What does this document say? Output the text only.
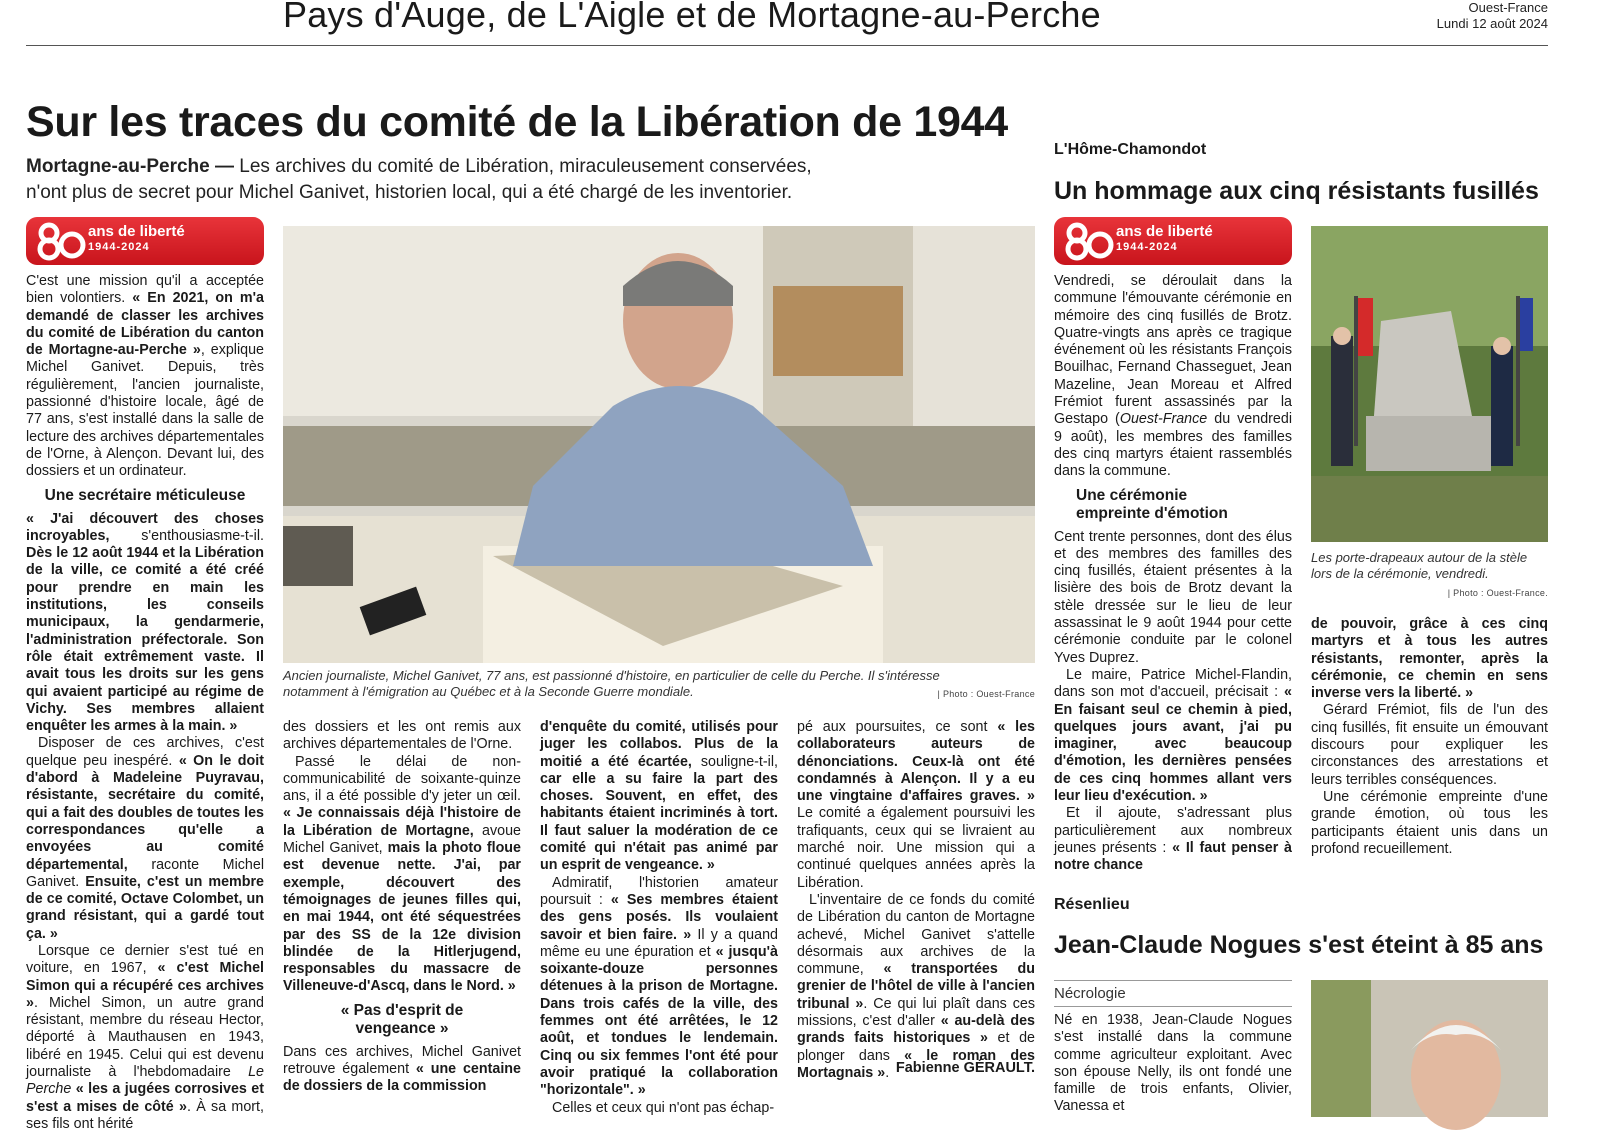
Pays d'Auge, de L'Aigle et de Mortagne-au-Perche	Ouest-France
Lundi 12 août 2024
Sur les traces du comité de la Libération de 1944
Mortagne-au-Perche — Les archives du comité de Libération, miraculeusement conservées, n'ont plus de secret pour Michel Ganivet, historien local, qui a été chargé de les inventorier.
ans de liberté
1944-2024

C'est une mission qu'il a acceptée bien volontiers. « En 2021, on m'a demandé de classer les archives du comité de Libération du canton de Mortagne-au-Perche », explique Michel Ganivet. Depuis, très régulièrement, l'ancien journaliste, passionné d'histoire locale, âgé de 77 ans, s'est installé dans la salle de lecture des archives départementales de l'Orne, à Alençon. Devant lui, des dossiers et un ordinateur.

Une secrétaire méticuleuse

« J'ai découvert des choses incroyables, s'enthousiasme-t-il. Dès le 12 août 1944 et la Libération de la ville, ce comité a été créé pour prendre en main les institutions, les conseils municipaux, la gendarmerie, l'administration préfectorale. Son rôle était extrêmement vaste. Il avait tous les droits sur les gens qui avaient participé au régime de Vichy. Ses membres allaient enquêter les armes à la main. »

Disposer de ces archives, c'est quelque peu inespéré. « On le doit d'abord à Madeleine Puyravau, résistante, secrétaire du comité, qui a fait des doubles de toutes les correspondances qu'elle a envoyées au comité départemental, raconte Michel Ganivet. Ensuite, c'est un membre de ce comité, Octave Colombet, un grand résistant, qui a gardé tout ça. »

Lorsque ce dernier s'est tué en voiture, en 1967, « c'est Michel Simon qui a récupéré ces archives ». Michel Simon, un autre grand résistant, membre du réseau Hector, déporté à Mauthausen en 1943, libéré en 1945. Celui qui est devenu journaliste à l'hebdomadaire Le Perche « les a jugées corrosives et s'est a mises de côté ». À sa mort, ses fils ont hérité

Ancien journaliste, Michel Ganivet, 77 ans, est passionné d'histoire, en particulier de celle du Perche. Il s'intéresse notamment à l'émigration au Québec et à la Seconde Guerre mondiale.	| Photo : Ouest-France

des dossiers et les ont remis aux archives départementales de l'Orne.

Passé le délai de non-communicabilité de soixante-quinze ans, il a été possible d'y jeter un œil. « Je connaissais déjà l'histoire de la Libération de Mortagne, avoue Michel Ganivet, mais la photo floue est devenue nette. J'ai, par exemple, découvert des témoignages de jeunes filles qui, en mai 1944, ont été séquestrées par des SS de la 12e division blindée de la Hitlerjugend, responsables du massacre de Villeneuve-d'Ascq, dans le Nord. »

« Pas d'esprit de vengeance »

Dans ces archives, Michel Ganivet retrouve également « une centaine de dossiers de la commission

d'enquête du comité, utilisés pour juger les collabos. Plus de la moitié a été écartée, souligne-t-il, car elle a su faire la part des choses. Souvent, en effet, des habitants étaient incriminés à tort. Il faut saluer la modération de ce comité qui n'était pas animé par un esprit de vengeance. »

Admiratif, l'historien amateur poursuit : « Ses membres étaient des gens posés. Ils voulaient savoir et bien faire. » Il y a quand même eu une épuration et « jusqu'à soixante-douze personnes détenues à la prison de Mortagne. Dans trois cafés de la ville, des femmes ont été arrêtées, le 12 août, et tondues le lendemain. Cinq ou six femmes l'ont été pour avoir pratiqué la collaboration "horizontale". »

Celles et ceux qui n'ont pas échap-

pé aux poursuites, ce sont « les collaborateurs auteurs de dénonciations. Ceux-là ont été condamnés à Alençon. Il y a eu une vingtaine d'affaires graves. » Le comité a également poursuivi les trafiquants, ceux qui se livraient au marché noir. Une mission qui a continué quelques années après la Libération.

L'inventaire de ce fonds du comité de Libération du canton de Mortagne achevé, Michel Ganivet s'attelle désormais aux archives de la commune, « transportées du grenier de l'hôtel de ville à l'ancien tribunal ». Ce qui lui plaît dans ces missions, c'est d'aller « au-delà des grands faits historiques » et de plonger dans « le roman des Mortagnais ». Fabienne GÉRAULT.
L'Hôme-Chamondot
Un hommage aux cinq résistants fusillés
ans de liberté
1944-2024

Vendredi, se déroulait dans la commune l'émouvante cérémonie en mémoire des cinq fusillés de Brotz. Quatre-vingts ans après ce tragique événement où les résistants François Bouilhac, Fernand Chasseguet, Jean Mazeline, Jean Moreau et Alfred Frémiot furent assassinés par la Gestapo (Ouest-France du vendredi 9 août), les membres des familles des cinq martyrs étaient rassemblés dans la commune.

Une cérémonie empreinte d'émotion

Cent trente personnes, dont des élus et des membres des familles des cinq fusillés, étaient présentes à la lisière des bois de Brotz devant la stèle dressée sur le lieu de leur assassinat le 9 août 1944 pour cette cérémonie conduite par le colonel Yves Duprez.

Le maire, Patrice Michel-Flandin, dans son mot d'accueil, précisait : « En faisant seul ce chemin à pied, quelques jours avant, j'ai pu imaginer, avec beaucoup d'émotion, les dernières pensées de ces cinq hommes allant vers leur lieu d'exécution. »

Et il ajoute, s'adressant plus particulièrement aux nombreux jeunes présents : « Il faut penser à notre chance

Les porte-drapeaux autour de la stèle lors de la cérémonie, vendredi.
| Photo : Ouest-France.

de pouvoir, grâce à ces cinq martyrs et à tous les autres résistants, remonter, après la cérémonie, ce chemin en sens inverse vers la liberté. »

Gérard Frémiot, fils de l'un des cinq fusillés, fit ensuite un émouvant discours pour expliquer les circonstances des arrestations et leurs terribles conséquences.

Une cérémonie empreinte d'une grande émotion, où tous les participants étaient unis dans un profond recueillement.

Résenlieu
Jean-Claude Nogues s'est éteint à 85 ans
Nécrologie

Né en 1938, Jean-Claude Nogues s'est installé dans la commune comme agriculteur exploitant. Avec son épouse Nelly, ils ont fondé une famille de trois enfants, Olivier, Vanessa et
